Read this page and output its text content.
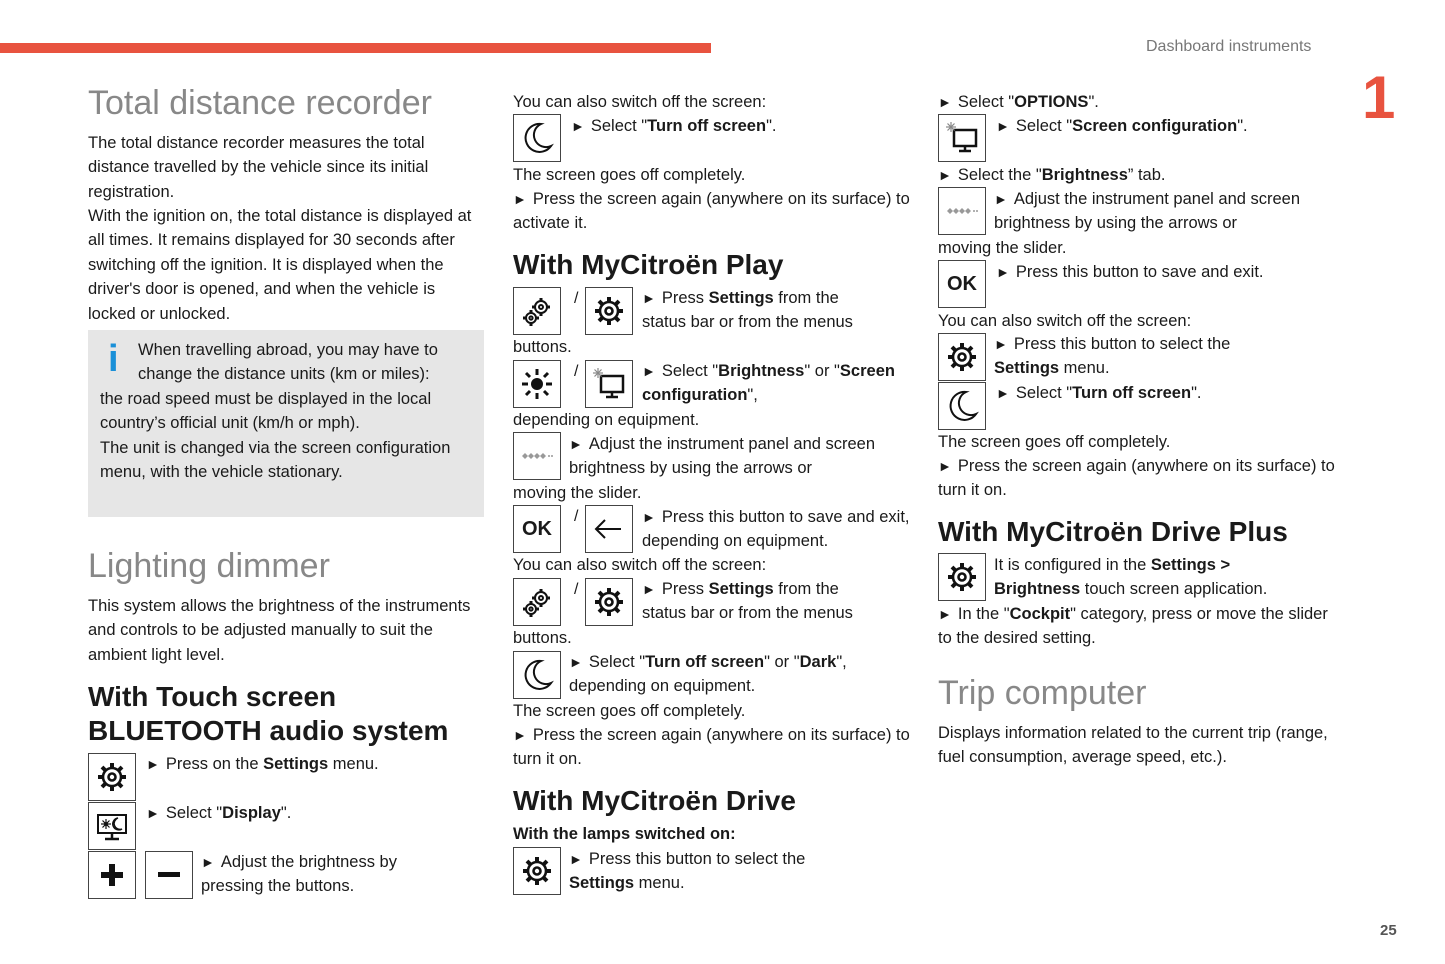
Dashboard instruments
1
25
Total distance recorder

The total distance recorder measures the total distance travelled by the vehicle since its initial registration.

With the ignition on, the total distance is displayed at all times. It remains displayed for 30 seconds after switching off the ignition. It is displayed when the driver's door is opened, and when the vehicle is locked or unlocked.

i	When travelling abroad, you may have to change the distance units (km or miles):

the road speed must be displayed in the local country’s official unit (km/h or mph).

The unit is changed via the screen configuration menu, with the vehicle stationary.

Lighting dimmer

This system allows the brightness of the instruments and controls to be adjusted manually to suit the ambient light level.

With Touch screen BLUETOOTH audio system
► Press on the Settings menu.
► Select "Display".
► Adjust the brightness by pressing the buttons.

You can also switch off the screen:

► Select "Turn off screen".

The screen goes off completely.

► Press the screen again (anywhere on its surface) to activate it.

With MyCitroën Play
/	► Press Settings from the status bar or from the menus

buttons.

/	► Select "Brightness" or "Screen configuration",

depending on equipment.

► Adjust the instrument panel and screen brightness by using the arrows or

moving the slider.

OK
/	► Press this button to save and exit, depending on equipment.

You can also switch off the screen:

/	► Press Settings from the status bar or from the menus

buttons.

► Select "Turn off screen" or "Dark",
depending on equipment.

The screen goes off completely.

► Press the screen again (anywhere on its surface) to turn it on.

With MyCitroën Drive

With the lamps switched on:

► Press this button to select the
Settings menu.

► Select "OPTIONS".

► Select "Screen configuration".

► Select the "Brightness” tab.

► Adjust the instrument panel and screen brightness by using the arrows or

moving the slider.

OK
► Press this button to save and exit.

You can also switch off the screen:

► Press this button to select the
Settings menu.
► Select "Turn off screen".

The screen goes off completely.

► Press the screen again (anywhere on its surface) to turn it on.

With MyCitroën Drive Plus
It is configured in the Settings >
Brightness touch screen application.

► In the "Cockpit" category, press or move the slider to the desired setting.

Trip computer

Displays information related to the current trip (range, fuel consumption, average speed, etc.).
